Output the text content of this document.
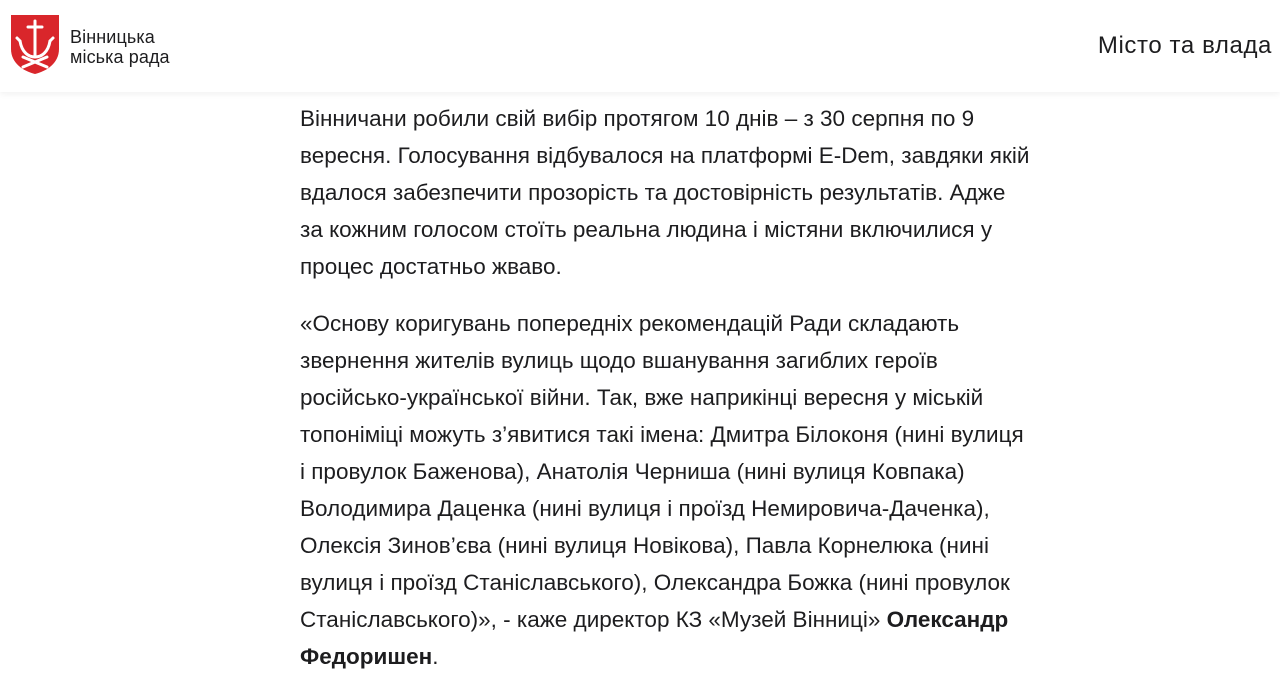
Вінницька
міська рада	Місто та влада

Вінничани робили свій вибір протягом 10 днів – з 30 серпня по 9
вересня. Голосування відбувалося на платформі E-Dem, завдяки якій
вдалося забезпечити прозорість та достовірність результатів. Адже
за кожним голосом стоїть реальна людина і містяни включилися у
процес достатньо жваво.

«Основу коригувань попередніх рекомендацій Ради складають
звернення жителів вулиць щодо вшанування загиблих героїв
російсько-української війни. Так, вже наприкінці вересня у міській
топоніміці можуть з’явитися такі імена: Дмитра Білоконя (нині вулиця
і провулок Баженова), Анатолія Черниша (нині вулиця Ковпака)
Володимира Даценка (нині вулиця і проїзд Немировича-Даченка),
Олексія Зинов’єва (нині вулиця Новікова), Павла Корнелюка (нині
вулиця і проїзд Станіславського), Олександра Божка (нині провулок
Станіславського)», - каже директор КЗ «Музей Вінниці» Олександр
Федоришен.
